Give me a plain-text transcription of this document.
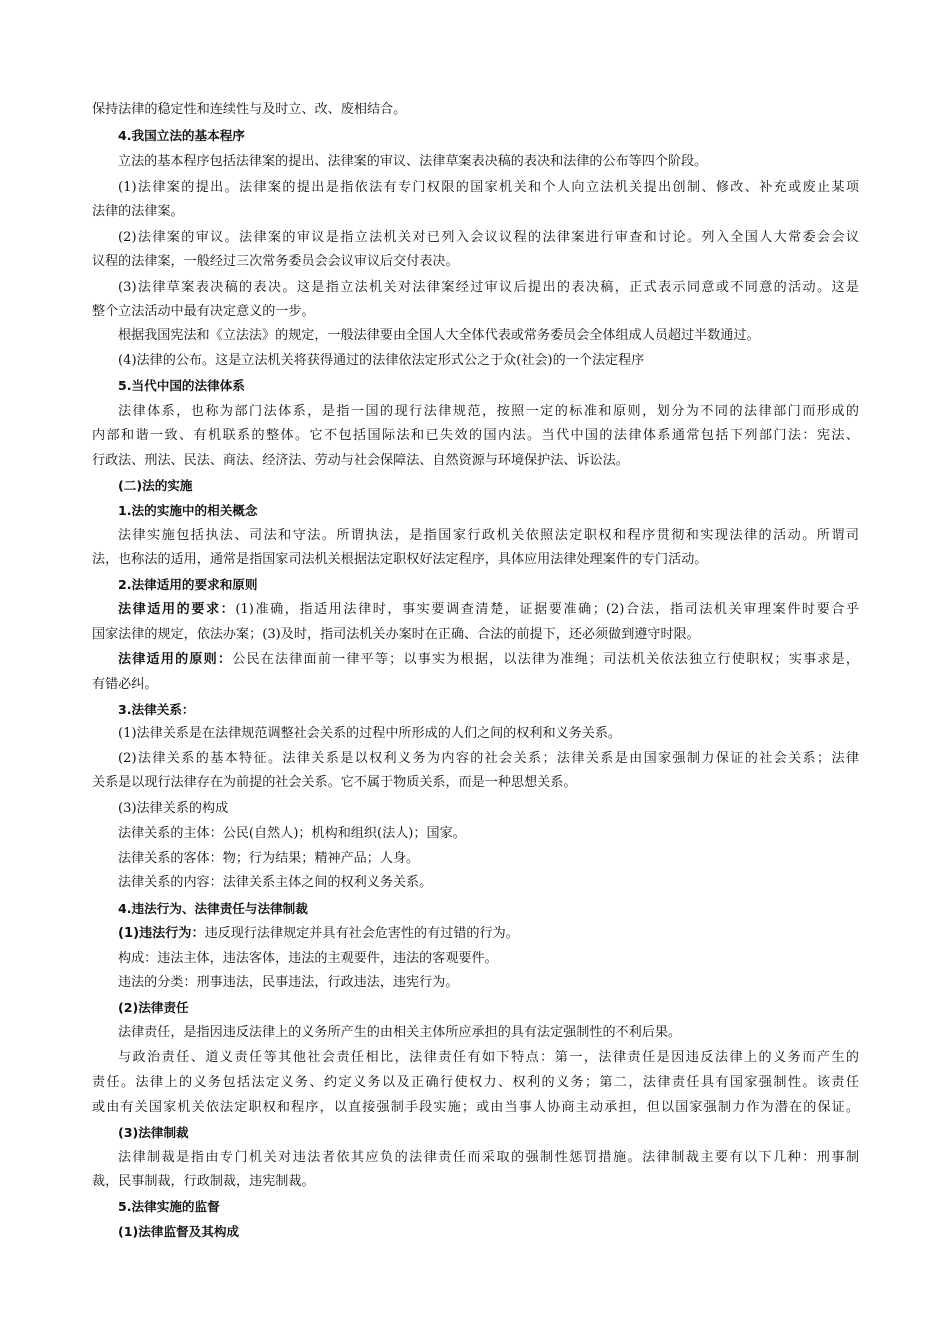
保持法律的稳定性和连续性与及时立、改、废相结合。
4.我国立法的基本程序
立法的基本程序包括法律案的提出、法律案的审议、法律草案表决稿的表决和法律的公布等四个阶段。
(1)法律案的提出。法律案的提出是指依法有专门权限的国家机关和个人向立法机关提出创制、修改、补充或废止某项
法律的法律案。
(2)法律案的审议。法律案的审议是指立法机关对已列入会议议程的法律案进行审查和讨论。列入全国人大常委会会议
议程的法律案，一般经过三次常务委员会会议审议后交付表决。
(3)法律草案表决稿的表决。这是指立法机关对法律案经过审议后提出的表决稿，正式表示同意或不同意的活动。这是
整个立法活动中最有决定意义的一步。
根据我国宪法和《立法法》的规定，一般法律要由全国人大全体代表或常务委员会全体组成人员超过半数通过。
(4)法律的公布。这是立法机关将获得通过的法律依法定形式公之于众(社会)的一个法定程序
5.当代中国的法律体系
法律体系，也称为部门法体系，是指一国的现行法律规范，按照一定的标准和原则，划分为不同的法律部门而形成的
内部和谐一致、有机联系的整体。它不包括国际法和已失效的国内法。当代中国的法律体系通常包括下列部门法：宪法、
行政法、刑法、民法、商法、经济法、劳动与社会保障法、自然资源与环境保护法、诉讼法。
(二)法的实施
1.法的实施中的相关概念
法律实施包括执法、司法和守法。所谓执法，是指国家行政机关依照法定职权和程序贯彻和实现法律的活动。所谓司
法，也称法的适用，通常是指国家司法机关根据法定职权好法定程序，具体应用法律处理案件的专门活动。
2.法律适用的要求和原则
法律适用的要求：(1)准确，指适用法律时，事实要调查清楚，证据要准确；(2)合法，指司法机关审理案件时要合乎
国家法律的规定，依法办案；(3)及时，指司法机关办案时在正确、合法的前提下，还必须做到遵守时限。
法律适用的原则：公民在法律面前一律平等；以事实为根据，以法律为准绳；司法机关依法独立行使职权；实事求是，
有错必纠。
3.法律关系：
(1)法律关系是在法律规范调整社会关系的过程中所形成的人们之间的权利和义务关系。
(2)法律关系的基本特征。法律关系是以权利义务为内容的社会关系；法律关系是由国家强制力保证的社会关系；法律
关系是以现行法律存在为前提的社会关系。它不属于物质关系，而是一种思想关系。
(3)法律关系的构成
法律关系的主体：公民(自然人)；机构和组织(法人)；国家。
法律关系的客体：物；行为结果；精神产品；人身。
法律关系的内容：法律关系主体之间的权利义务关系。
4.违法行为、法律责任与法律制裁
(1)违法行为：违反现行法律规定并具有社会危害性的有过错的行为。
构成：违法主体，违法客体，违法的主观要件，违法的客观要件。
违法的分类：刑事违法，民事违法，行政违法，违宪行为。
(2)法律责任
法律责任，是指因违反法律上的义务所产生的由相关主体所应承担的具有法定强制性的不利后果。
与政治责任、道义责任等其他社会责任相比，法律责任有如下特点：第一，法律责任是因违反法律上的义务而产生的
责任。法律上的义务包括法定义务、约定义务以及正确行使权力、权利的义务；第二，法律责任具有国家强制性。该责任
或由有关国家机关依法定职权和程序，以直接强制手段实施；或由当事人协商主动承担，但以国家强制力作为潜在的保证。
(3)法律制裁
法律制裁是指由专门机关对违法者依其应负的法律责任而采取的强制性惩罚措施。法律制裁主要有以下几种：刑事制
裁，民事制裁，行政制裁，违宪制裁。
5.法律实施的监督
(1)法律监督及其构成
